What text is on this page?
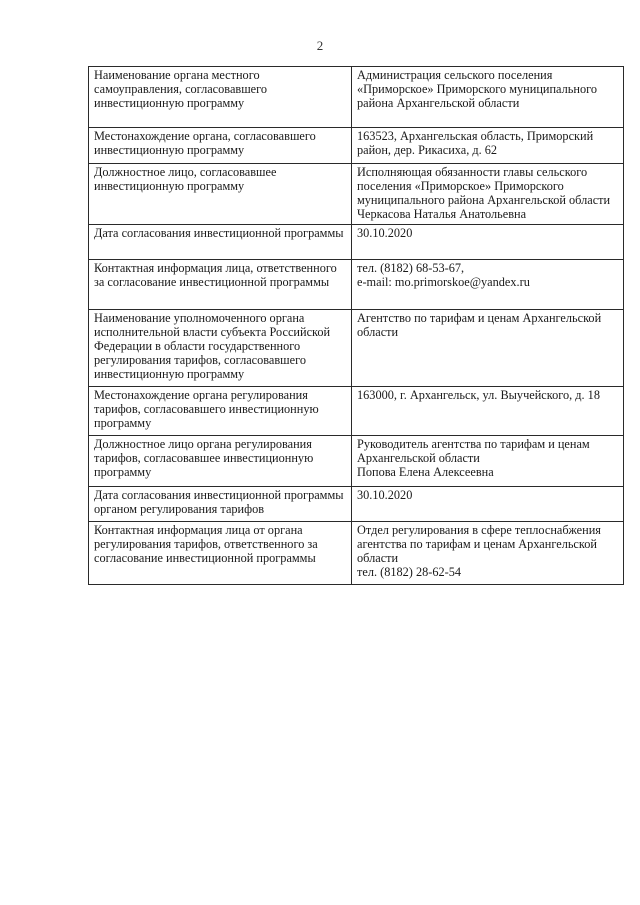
2
Наименование органа местного самоуправления, согласовавшего инвестиционную программу	Администрация сельского поселения «Приморское» Приморского муниципального района Архангельской области

Местонахождение органа, согласовавшего инвестиционную программу	163523, Архангельская область, Приморский район, дер. Рикасиха, д. 62

Должностное лицо, согласовавшее инвестиционную программу	Исполняющая обязанности главы сельского поселения «Приморское» Приморского муниципального района Архангельской области Черкасова Наталья Анатольевна

Дата согласования инвестиционной программы	30.10.2020

Контактная информация лица, ответственного за согласование инвестиционной программы	тел. (8182) 68-53-67,
e-mail: mo.primorskoe@yandex.ru

Наименование уполномоченного органа исполнительной власти субъекта Российской Федерации в области государственного регулирования тарифов, согласовавшего инвестиционную программу	Агентство по тарифам и ценам Архангельской области

Местонахождение органа регулирования тарифов, согласовавшего инвестиционную программу	163000, г. Архангельск, ул. Выучейского, д. 18

Должностное лицо органа регулирования тарифов, согласовавшее инвестиционную программу	Руководитель агентства по тарифам и ценам Архангельской области
Попова Елена Алексеевна

Дата согласования инвестиционной программы органом регулирования тарифов	30.10.2020

Контактная информация лица от органа регулирования тарифов, ответственного за согласование инвестиционной программы	Отдел регулирования в сфере теплоснабжения агентства по тарифам и ценам Архангельской области
тел. (8182) 28-62-54
